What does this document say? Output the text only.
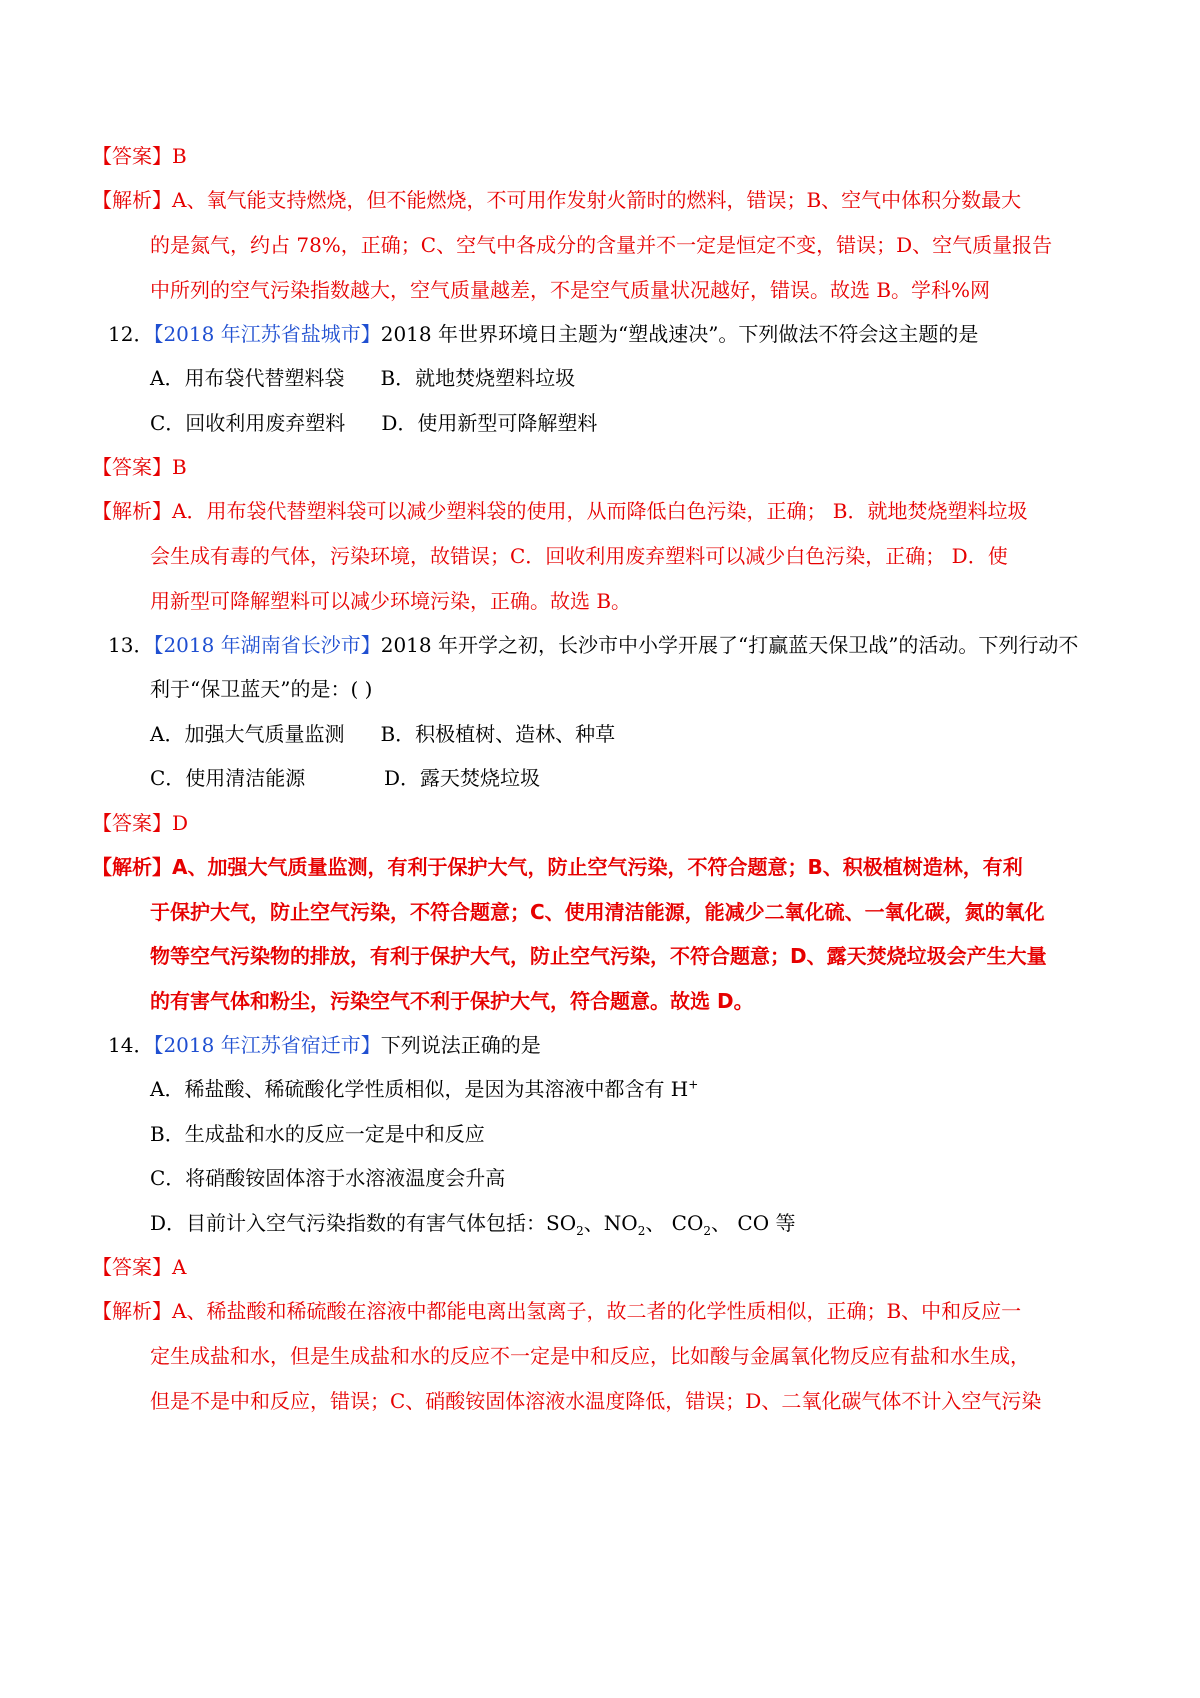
【答案】B
【解析】A、氧气能支持燃烧，但不能燃烧，不可用作发射火箭时的燃料，错误；B、空气中体积分数最大
的是氮气，约占 78%，正确；C、空气中各成分的含量并不一定是恒定不变，错误；D、空气质量报告
中所列的空气污染指数越大，空气质量越差，不是空气质量状况越好，错误。故选 B。学科%网
12．【2018 年江苏省盐城市】2018 年世界环境日主题为“塑战速决”。下列做法不符会这主题的是
A．用布袋代替塑料袋 B．就地焚烧塑料垃圾
C．回收利用废弃塑料 D．使用新型可降解塑料
【答案】B
【解析】A．用布袋代替塑料袋可以减少塑料袋的使用，从而降低白色污染，正确； B．就地焚烧塑料垃圾
会生成有毒的气体，污染环境，故错误；C．回收利用废弃塑料可以减少白色污染，正确； D．使
用新型可降解塑料可以减少环境污染，正确。故选 B。
13．【2018 年湖南省长沙市】2018 年开学之初，长沙市中小学开展了“打赢蓝天保卫战”的活动。下列行动不
利于“保卫蓝天”的是：( )
A．加强大气质量监测 B．积极植树、造林、种草
C．使用清洁能源	D．露天焚烧垃圾
【答案】D
【解析】A、加强大气质量监测，有利于保护大气，防止空气污染，不符合题意；B、积极植树造林，有利
于保护大气，防止空气污染，不符合题意；C、使用清洁能源，能减少二氧化硫、一氧化碳，氮的氧化
物等空气污染物的排放，有利于保护大气，防止空气污染，不符合题意；D、露天焚烧垃圾会产生大量
的有害气体和粉尘，污染空气不利于保护大气，符合题意。故选 D。
14．【2018 年江苏省宿迁市】下列说法正确的是
A．稀盐酸、稀硫酸化学性质相似，是因为其溶液中都含有 H+
B．生成盐和水的反应一定是中和反应
C．将硝酸铵固体溶于水溶液温度会升高
D．目前计入空气污染指数的有害气体包括：$SO_2$、$NO_2$、 $CO_2$、 CO 等
【答案】A
【解析】A、稀盐酸和稀硫酸在溶液中都能电离出氢离子，故二者的化学性质相似，正确；B、中和反应一
定生成盐和水，但是生成盐和水的反应不一定是中和反应，比如酸与金属氧化物反应有盐和水生成，
但是不是中和反应，错误；C、硝酸铵固体溶液水温度降低，错误；D、二氧化碳气体不计入空气污染
